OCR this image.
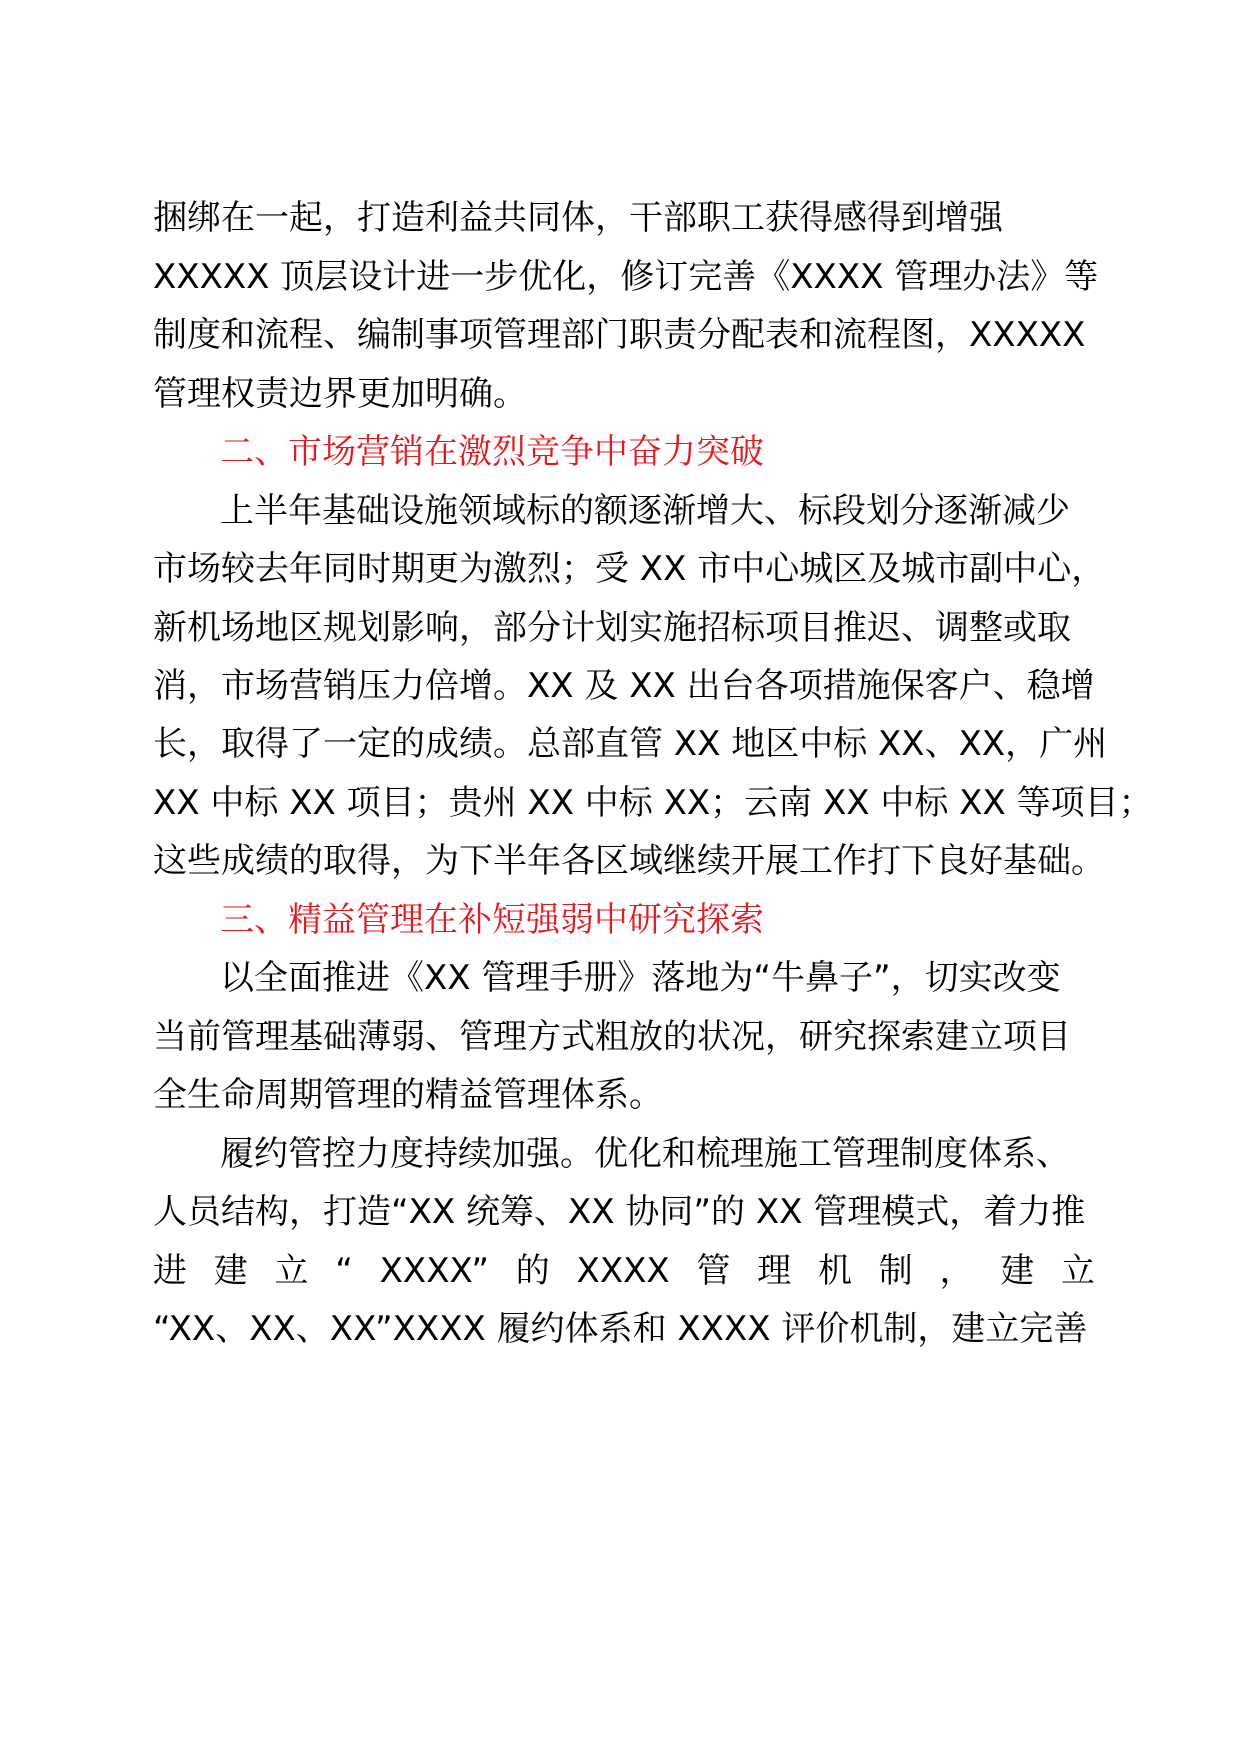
捆绑在一起，打造利益共同体，干部职工获得感得到增强
XXXXX 顶层设计进一步优化，修订完善《XXXX 管理办法》等
制度和流程、编制事项管理部门职责分配表和流程图，XXXXX
管理权责边界更加明确。
二、市场营销在激烈竞争中奋力突破
上半年基础设施领域标的额逐渐增大、标段划分逐渐减少
市场较去年同时期更为激烈；受 XX 市中心城区及城市副中心，
新机场地区规划影响，部分计划实施招标项目推迟、调整或取
消，市场营销压力倍增。XX 及 XX 出台各项措施保客户、稳增
长，取得了一定的成绩。总部直管 XX 地区中标 XX、XX，广州
XX 中标 XX 项目；贵州 XX 中标 XX；云南 XX 中标 XX 等项目；
这些成绩的取得，为下半年各区域继续开展工作打下良好基础。
三、精益管理在补短强弱中研究探索
以全面推进《XX 管理手册》落地为“牛鼻子”，切实改变
当前管理基础薄弱、管理方式粗放的状况，研究探索建立项目
全生命周期管理的精益管理体系。
履约管控力度持续加强。优化和梳理施工管理制度体系、
人员结构，打造“XX 统筹、XX 协同”的 XX 管理模式，着力推
进 建 立 “ XXXX” 的 XXXX 管 理 机 制 ， 建 立
“XX、XX、XX”XXXX 履约体系和 XXXX 评价机制，建立完善
